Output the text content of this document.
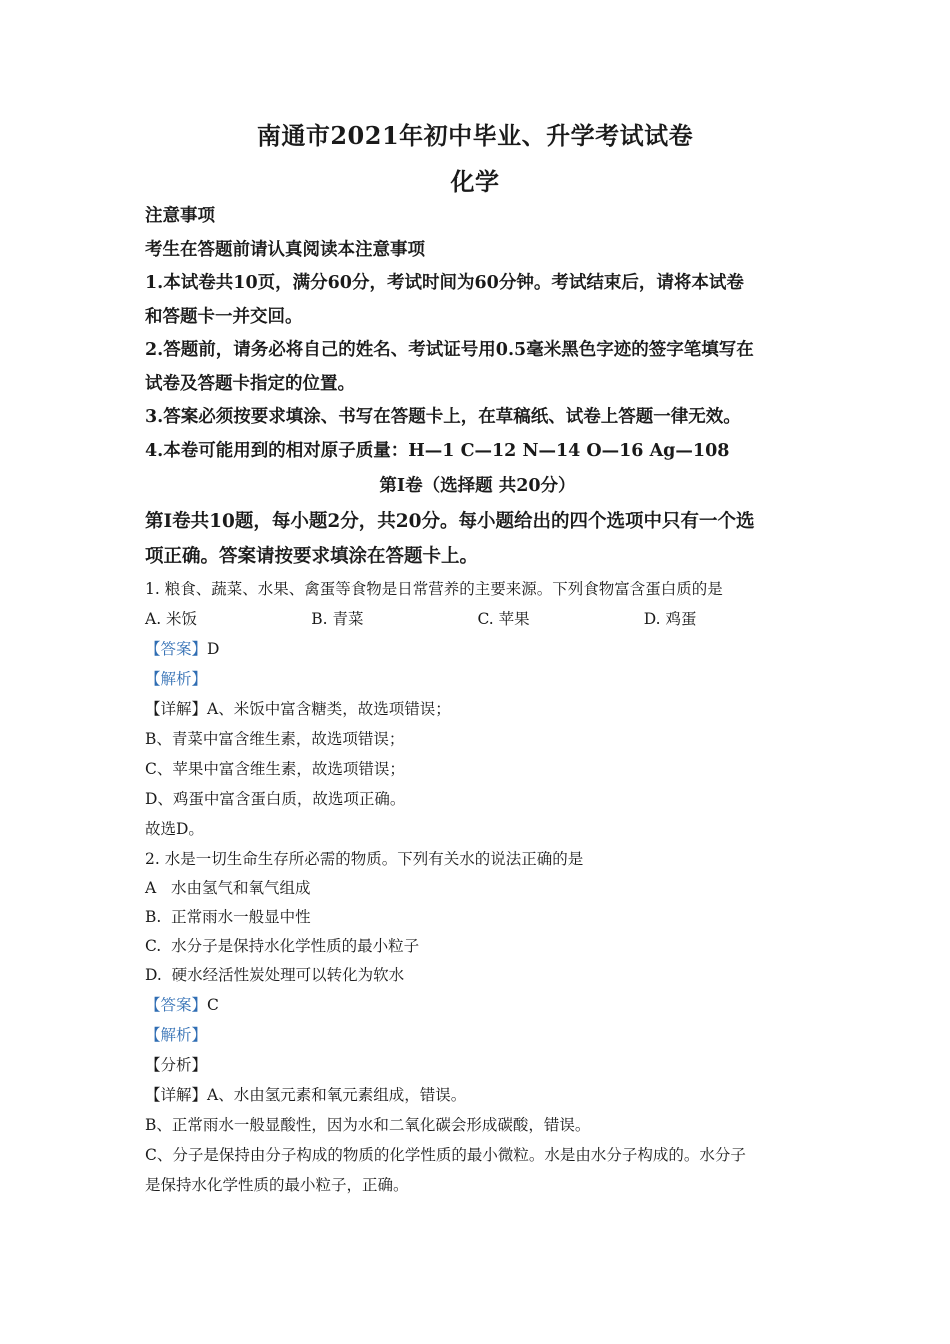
南通市2021年初中毕业、升学考试试卷
化学
注意事项
考生在答题前请认真阅读本注意事项
1.本试卷共10页，满分60分，考试时间为60分钟。考试结束后，请将本试卷
和答题卡一并交回。
2.答题前，请务必将自己的姓名、考试证号用0.5毫米黑色字迹的签字笔填写在
试卷及答题卡指定的位置。
3.答案必须按要求填涂、书写在答题卡上，在草稿纸、试卷上答题一律无效。
4.本卷可能用到的相对原子质量：H—1 C—12 N—14 O—16 Ag—108
第Ⅰ卷（选择题 共20分）
第Ⅰ卷共10题，每小题2分，共20分。每小题给出的四个选项中只有一个选
项正确。答案请按要求填涂在答题卡上。
1. 粮食、蔬菜、水果、禽蛋等食物是日常营养的主要来源。下列食物富含蛋白质的是
A. 米饭	B. 青菜	C. 苹果	D. 鸡蛋
【答案】D
【解析】
【详解】A、米饭中富含糖类，故选项错误；
B、青菜中富含维生素，故选项错误；
C、苹果中富含维生素，故选项错误；
D、鸡蛋中富含蛋白质，故选项正确。
故选D。
2. 水是一切生命生存所必需的物质。下列有关水的说法正确的是
A   水由氢气和氧气组成
B.  正常雨水一般显中性
C.  水分子是保持水化学性质的最小粒子
D.  硬水经活性炭处理可以转化为软水
【答案】C
【解析】
【分析】
【详解】A、水由氢元素和氧元素组成，错误。
B、正常雨水一般显酸性，因为水和二氧化碳会形成碳酸，错误。
C、分子是保持由分子构成的物质的化学性质的最小微粒。水是由水分子构成的。水分子
是保持水化学性质的最小粒子，正确。
